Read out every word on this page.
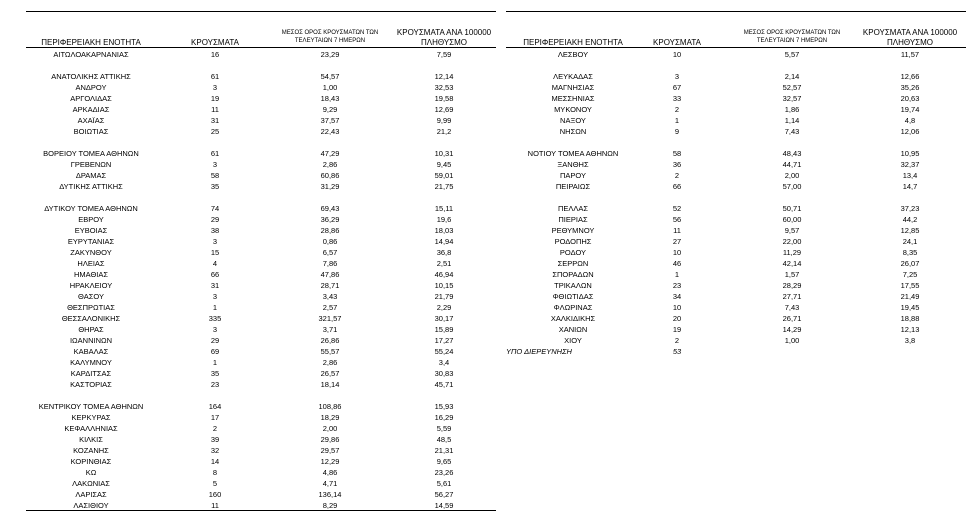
ΠΕΡΙΦΕΡΕΙΑΚΗ ΕΝΟΤΗΤΑ	ΚΡΟΥΣΜΑΤΑ
ΜΕΣΟΣ ΟΡΟΣ ΚΡΟΥΣΜΑΤΩΝ ΤΩΝ
ΤΕΛΕΥΤΑΙΩΝ 7 ΗΜΕΡΩΝ
ΚΡΟΥΣΜΑΤΑ ΑΝΑ 100000
ΠΛΗΘΥΣΜΟ	ΠΕΡΙΦΕΡΕΙΑΚΗ ΕΝΟΤΗΤΑ	ΚΡΟΥΣΜΑΤΑ
ΜΕΣΟΣ ΟΡΟΣ ΚΡΟΥΣΜΑΤΩΝ ΤΩΝ
ΤΕΛΕΥΤΑΙΩΝ 7 ΗΜΕΡΩΝ
ΚΡΟΥΣΜΑΤΑ ΑΝΑ 100000
ΠΛΗΘΥΣΜΟ
ΑΙΤΩΛΟΑΚΑΡΝΑΝΙΑΣ	16	23,29	7,59
ΑΝΑΤΟΛΙΚΗΣ ΑΤΤΙΚΗΣ	61	54,57	12,14
ΑΝΔΡΟΥ	3	1,00	32,53
ΑΡΓΟΛΙΔΑΣ	19	18,43	19,58
ΑΡΚΑΔΙΑΣ	11	9,29	12,69
ΑΧΑΪΑΣ	31	37,57	9,99
ΒΟΙΩΤΙΑΣ	25	22,43	21,2
ΒΟΡΕΙΟΥ ΤΟΜΕΑ ΑΘΗΝΩΝ	61	47,29	10,31
ΓΡΕΒΕΝΩΝ	3	2,86	9,45
ΔΡΑΜΑΣ	58	60,86	59,01
ΔΥΤΙΚΗΣ ΑΤΤΙΚΗΣ	35	31,29	21,75
ΔΥΤΙΚΟΥ ΤΟΜΕΑ ΑΘΗΝΩΝ	74	69,43	15,11
ΕΒΡΟΥ	29	36,29	19,6
ΕΥΒΟΙΑΣ	38	28,86	18,03
ΕΥΡΥΤΑΝΙΑΣ	3	0,86	14,94
ΖΑΚΥΝΘΟΥ	15	6,57	36,8
ΗΛΕΙΑΣ	4	7,86	2,51
ΗΜΑΘΙΑΣ	66	47,86	46,94
ΗΡΑΚΛΕΙΟΥ	31	28,71	10,15
ΘΑΣΟΥ	3	3,43	21,79
ΘΕΣΠΡΩΤΙΑΣ	1	2,57	2,29
ΘΕΣΣΑΛΟΝΙΚΗΣ	335	321,57	30,17
ΘΗΡΑΣ	3	3,71	15,89
ΙΩΑΝΝΙΝΩΝ	29	26,86	17,27
ΚΑΒΑΛΑΣ	69	55,57	55,24
ΚΑΛΥΜΝΟΥ	1	2,86	3,4
ΚΑΡΔΙΤΣΑΣ	35	26,57	30,83
ΚΑΣΤΟΡΙΑΣ	23	18,14	45,71
ΚΕΝΤΡΙΚΟΥ ΤΟΜΕΑ ΑΘΗΝΩΝ	164	108,86	15,93
ΚΕΡΚΥΡΑΣ	17	18,29	16,29
ΚΕΦΑΛΛΗΝΙΑΣ	2	2,00	5,59
ΚΙΛΚΙΣ	39	29,86	48,5
ΚΟΖΑΝΗΣ	32	29,57	21,31
ΚΟΡΙΝΘΙΑΣ	14	12,29	9,65
ΚΩ	8	4,86	23,26
ΛΑΚΩΝΙΑΣ	5	4,71	5,61
ΛΑΡΙΣΑΣ	160	136,14	56,27
ΛΑΣΙΘΙΟΥ	11	8,29	14,59
ΛΕΣΒΟΥ	10	5,57	11,57
ΛΕΥΚΑΔΑΣ	3	2,14	12,66
ΜΑΓΝΗΣΙΑΣ	67	52,57	35,26
ΜΕΣΣΗΝΙΑΣ	33	32,57	20,63
ΜΥΚΟΝΟΥ	2	1,86	19,74
ΝΑΞΟΥ	1	1,14	4,8
ΝΗΣΩΝ	9	7,43	12,06
ΝΟΤΙΟΥ ΤΟΜΕΑ ΑΘΗΝΩΝ	58	48,43	10,95
ΞΑΝΘΗΣ	36	44,71	32,37
ΠΑΡΟΥ	2	2,00	13,4
ΠΕΙΡΑΙΩΣ	66	57,00	14,7
ΠΕΛΛΑΣ	52	50,71	37,23
ΠΙΕΡΙΑΣ	56	60,00	44,2
ΡΕΘΥΜΝΟΥ	11	9,57	12,85
ΡΟΔΟΠΗΣ	27	22,00	24,1
ΡΟΔΟΥ	10	11,29	8,35
ΣΕΡΡΩΝ	46	42,14	26,07
ΣΠΟΡΑΔΩΝ	1	1,57	7,25
ΤΡΙΚΑΛΩΝ	23	28,29	17,55
ΦΘΙΩΤΙΔΑΣ	34	27,71	21,49
ΦΛΩΡΙΝΑΣ	10	7,43	19,45
ΧΑΛΚΙΔΙΚΗΣ	20	26,71	18,88
ΧΑΝΙΩΝ	19	14,29	12,13
ΧΙΟΥ	2	1,00	3,8
ΥΠΟ ΔΙΕΡΕΥΝΗΣΗ	53
